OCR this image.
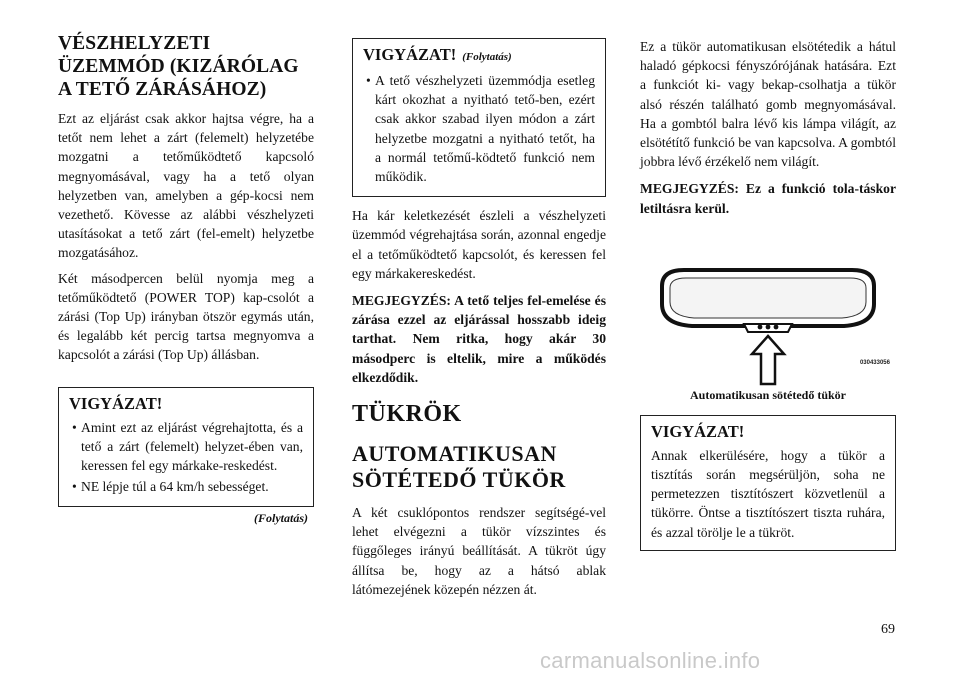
VÉSZHELYZETI ÜZEMMÓD (KIZÁRÓLAG A TETŐ ZÁRÁSÁHOZ)

Ezt az eljárást csak akkor hajtsa végre, ha a tetőt nem lehet a zárt (felemelt) helyzetébe mozgatni a tetőműködtető kapcsoló megnyomásával, vagy ha a tető olyan helyzetben van, amelyben a gép-kocsi nem vezethető. Kövesse az alábbi vészhelyzeti utasításokat a tető zárt (fel-emelt) helyzetbe mozgatásához.

Két másodpercen belül nyomja meg a tetőműködtető (POWER TOP) kap-csolót a zárási (Top Up) irányban ötször egymás után, és legalább két percig tartsa megnyomva a kapcsolót a zárási (Top Up) állásban.

VIGYÁZAT!
• Amint ezt az eljárást végrehajtotta, és a tető a zárt (felemelt) helyzet-ében van, keressen fel egy márkake-reskedést.
• NE lépje túl a 64 km/h sebességet.
(Folytatás)
VIGYÁZAT! (Folytatás)
• A tető vészhelyzeti üzemmódja esetleg kárt okozhat a nyitható tető-ben, ezért csak akkor szabad ilyen módon a zárt helyzetbe mozgatni a nyitható tetőt, ha a normál tetőmű-ködtető funkció nem működik.

Ha kár keletkezését észleli a vészhelyzeti üzemmód végrehajtása során, azonnal engedje el a tetőműködtető kapcsolót, és keressen fel egy márkakereskedést.

MEGJEGYZÉS: A tető teljes fel-emelése és zárása ezzel az eljárással hosszabb ideig tarthat. Nem ritka, hogy akár 30 másodperc is eltelik, mire a működés elkezdődik.

TÜKRÖK
AUTOMATIKUSAN SÖTÉTEDŐ TÜKÖR

A két csuklópontos rendszer segítségé-vel lehet elvégezni a tükör vízszintes és függőleges irányú beállítását. A tükröt úgy állítsa be, hogy az a hátsó ablak látómezejének közepén nézzen át.

Ez a tükör automatikusan elsötétedik a hátul haladó gépkocsi fényszórójának hatására. Ezt a funkciót ki- vagy bekap-csolhatja a tükör alsó részén található gomb megnyomásával. Ha a gombtól balra lévő kis lámpa világít, az elsötétítő funkció be van kapcsolva. A gombtól jobbra lévő érzékelő nem világít.

MEGJEGYZÉS: Ez a funkció tola-táskor letiltásra kerül.

030433056

Automatikusan sötétedő tükör

VIGYÁZAT!

Annak elkerülésére, hogy a tükör a tisztítás során megsérüljön, soha ne permetezzen tisztítószert közvetlenül a tükörre. Öntse a tisztítószert tiszta ruhára, és azzal törölje le a tükröt.

69
carmanualsonline.info
